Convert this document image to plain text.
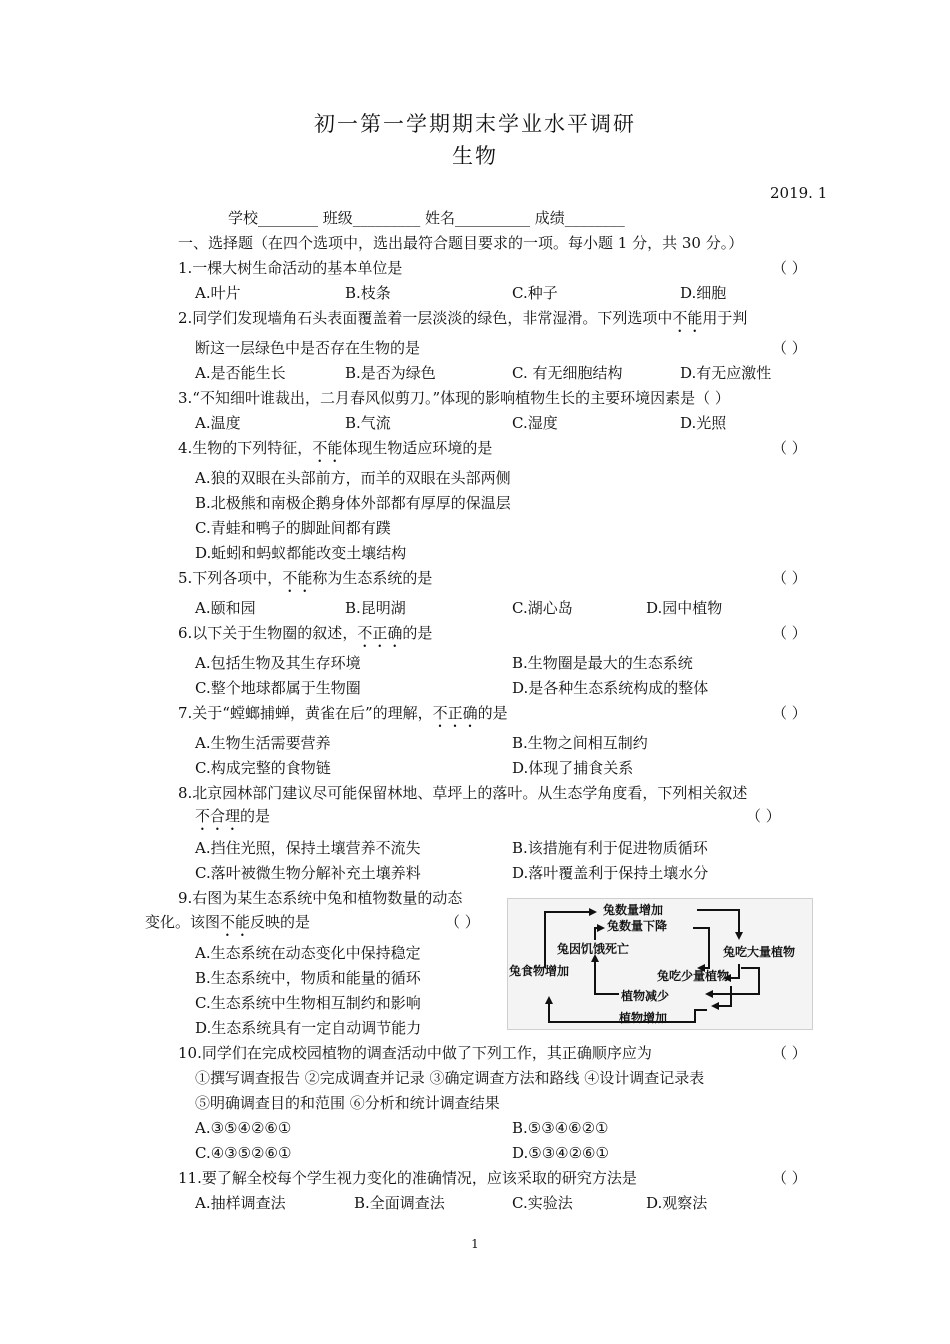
初一第一学期期末学业水平调研
生物
2019. 1
学校________ 班级_________ 姓名__________ 成绩________
一、选择题（在四个选项中，选出最符合题目要求的一项。每小题 1 分，共 30 分。）
1.一棵大树生命活动的基本单位是	（ ）
A.叶片	B.枝条	C.种子	D.细胞
2.同学们发现墙角石头表面覆盖着一层淡淡的绿色，非常湿滑。下列选项中不能用于判
断这一层绿色中是否存在生物的是	（ ）
A.是否能生长	B.是否为绿色	C. 有无细胞结构	D.有无应激性
3.“不知细叶谁裁出，二月春风似剪刀。”体现的影响植物生长的主要环境因素是（ ）
A.温度	B.气流	C.湿度	D.光照
4.生物的下列特征，不能体现生物适应环境的是	（ ）
A.狼的双眼在头部前方，而羊的双眼在头部两侧
B.北极熊和南极企鹅身体外部都有厚厚的保温层
C.青蛙和鸭子的脚趾间都有蹼
D.蚯蚓和蚂蚁都能改变土壤结构
5.下列各项中，不能称为生态系统的是	（ ）
A.颐和园	B.昆明湖	C.湖心岛	D.园中植物
6.以下关于生物圈的叙述，不正确的是	（ ）
A.包括生物及其生存环境	B.生物圈是最大的生态系统
C.整个地球都属于生物圈	D.是各种生态系统构成的整体
7.关于“螳螂捕蝉，黄雀在后”的理解，不正确的是	（ ）
A.生物生活需要营养	B.生物之间相互制约
C.构成完整的食物链	D.体现了捕食关系
8.北京园林部门建议尽可能保留林地、草坪上的落叶。从生态学角度看，下列相关叙述
不合理的是	（ ）
A.挡住光照，保持土壤营养不流失	B.该措施有利于促进物质循环
C.落叶被微生物分解补充土壤养料	D.落叶覆盖利于保持土壤水分
9.右图为某生态系统中兔和植物数量的动态
变化。该图不能反映的是	（ ）
A.生态系统在动态变化中保持稳定
B.生态系统中，物质和能量的循环
C.生态系统中生物相互制约和影响
D.生态系统具有一定自动调节能力
兔数量增加
兔数量下降
兔因饥饿死亡	兔吃大量植物
兔食物增加	兔吃少量植物
植物减少
植物增加
10.同学们在完成校园植物的调查活动中做了下列工作，其正确顺序应为	（ ）
①撰写调查报告 ②完成调查并记录 ③确定调查方法和路线 ④设计调查记录表
⑤明确调查目的和范围 ⑥分析和统计调查结果
A.③⑤④②⑥①	B.⑤③④⑥②①
C.④③⑤②⑥①	D.⑤③④②⑥①
11.要了解全校每个学生视力变化的准确情况，应该采取的研究方法是	（ ）
A.抽样调查法	B.全面调查法	C.实验法	D.观察法
1
